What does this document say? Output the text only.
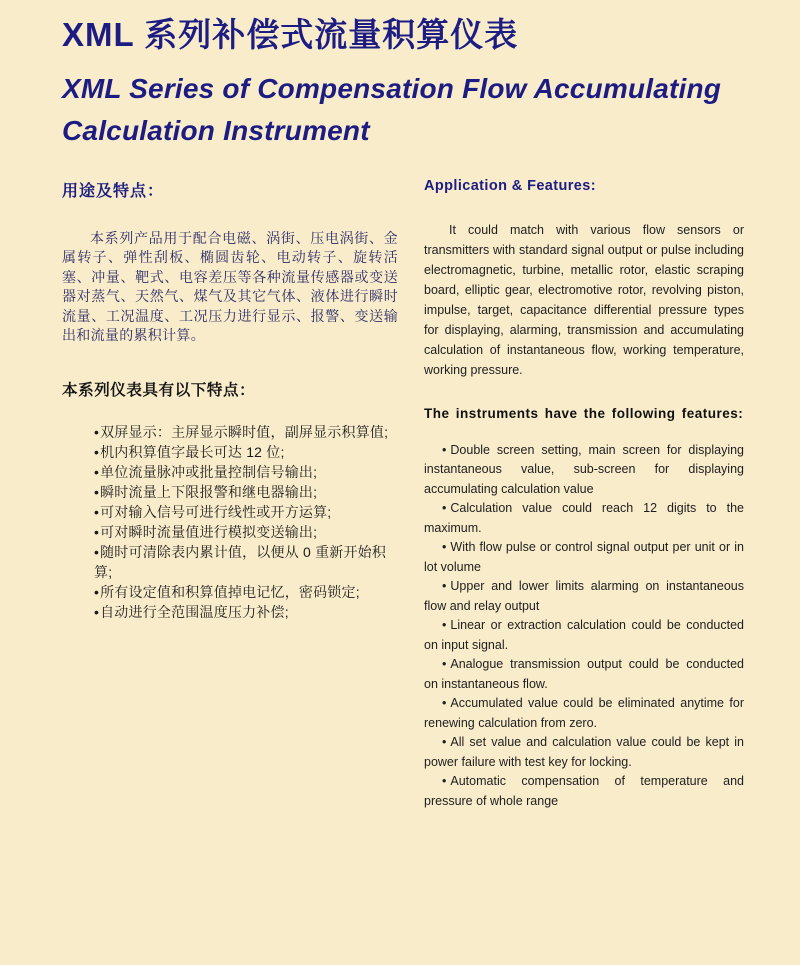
XML 系列补偿式流量积算仪表
XML Series of Compensation Flow Accumulating Calculation Instrument
用途及特点：

本系列产品用于配合电磁、涡街、压电涡街、金属转子、弹性刮板、椭圆齿轮、电动转子、旋转活塞、冲量、靶式、电容差压等各种流量传感器或变送器对蒸气、天然气、煤气及其它气体、液体进行瞬时流量、工况温度、工况压力进行显示、报警、变送输出和流量的累积计算。

本系列仪表具有以下特点：
• 双屏显示：主屏显示瞬时值，副屏显示积算值;
• 机内积算值字最长可达 12 位;
• 单位流量脉冲或批量控制信号输出;
• 瞬时流量上下限报警和继电器输出;
• 可对输入信号可进行线性或开方运算;
• 可对瞬时流量值进行模拟变送输出;
• 随时可清除表内累计值，以便从 0 重新开始积算;
• 所有设定值和积算值掉电记忆，密码锁定;
• 自动进行全范围温度压力补偿;
Application & Features:

It could match with various flow sensors or transmitters with standard signal output or pulse including electromagnetic, turbine, metallic rotor, elastic scraping board, elliptic gear, electromotive rotor, revolving piston, impulse, target, capacitance differential pressure types for displaying, alarming, transmission and accumulating calculation of instantaneous flow, working temperature, working pressure.

The instruments have the following features:
• Double screen setting, main screen for displaying instantaneous value, sub-screen for displaying accumulating calculation value
• Calculation value could reach 12 digits to the maximum.
• With flow pulse or control signal output per unit or in lot volume
• Upper and lower limits alarming on instantaneous flow and relay output
• Linear or extraction calculation could be conducted on input signal.
• Analogue transmission output could be conducted on instantaneous flow.
• Accumulated value could be eliminated anytime for renewing calculation from zero.
• All set value and calculation value could be kept in power failure with test key for locking.
• Automatic compensation of temperature and pressure of whole range
